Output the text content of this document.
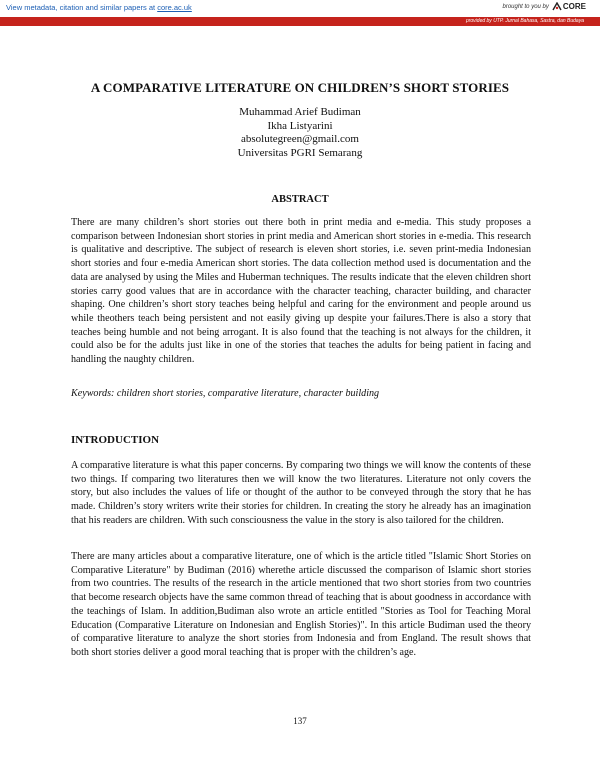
View metadata, citation and similar papers at core.ac.uk	brought to you by CORE
provided by UTP. Jurnal Bahasa, Sastra, dan Budaya
A COMPARATIVE LITERATURE ON CHILDREN’S SHORT STORIES
Muhammad Arief Budiman
Ikha Listyarini
absolutegreen@gmail.com
Universitas PGRI Semarang
ABSTRACT
There are many children’s short stories out there both in print media and e-media. This study proposes a comparison between Indonesian short stories in print media and American short stories in e-media. This research is qualitative and descriptive. The subject of research is eleven short stories, i.e. seven print-media Indonesian short stories and four e-media American short stories. The data collection method used is documentation and the data are analysed by using the Miles and Huberman techniques. The results indicate that the eleven children short stories carry good values that are in accordance with the character teaching, character building, and character shaping. One children’s short story teaches being helpful and caring for the environment and people around us while theothers teach being persistent and not easily giving up despite your failures.There is also a story that teaches being humble and not being arrogant. It is also found that the teaching is not always for the children, it could also be for the adults just like in one of the stories that teaches the adults for being patient in facing and handling the naughty children.
Keywords: children short stories, comparative literature, character building
INTRODUCTION
A comparative literature is what this paper concerns. By comparing two things we will know the contents of these two things. If comparing two literatures then we will know the two literatures. Literature not only covers the story, but also includes the values of life or thought of the author to be conveyed through the story that he has made. Children’s story writers write their stories for children. In creating the story he already has an imagination that his readers are children. With such consciousness the value in the story is also tailored for the children.
There are many articles about a comparative literature, one of which is the article titled "Islamic Short Stories on Comparative Literature" by Budiman (2016) wherethe article discussed the comparison of Islamic short stories from two countries. The results of the research in the article mentioned that two short stories from two countries that become research objects have the same common thread of teaching that is about goodness in accordance with the teachings of Islam. In addition,Budiman also wrote an article entitled "Stories as Tool for Teaching Moral Education (Comparative Literature on Indonesian and English Stories)". In this article Budiman used the theory of comparative literature to analyze the short stories from Indonesia and from England. The result shows that both short stories deliver a good moral teaching that is proper with the children’s age.
137
